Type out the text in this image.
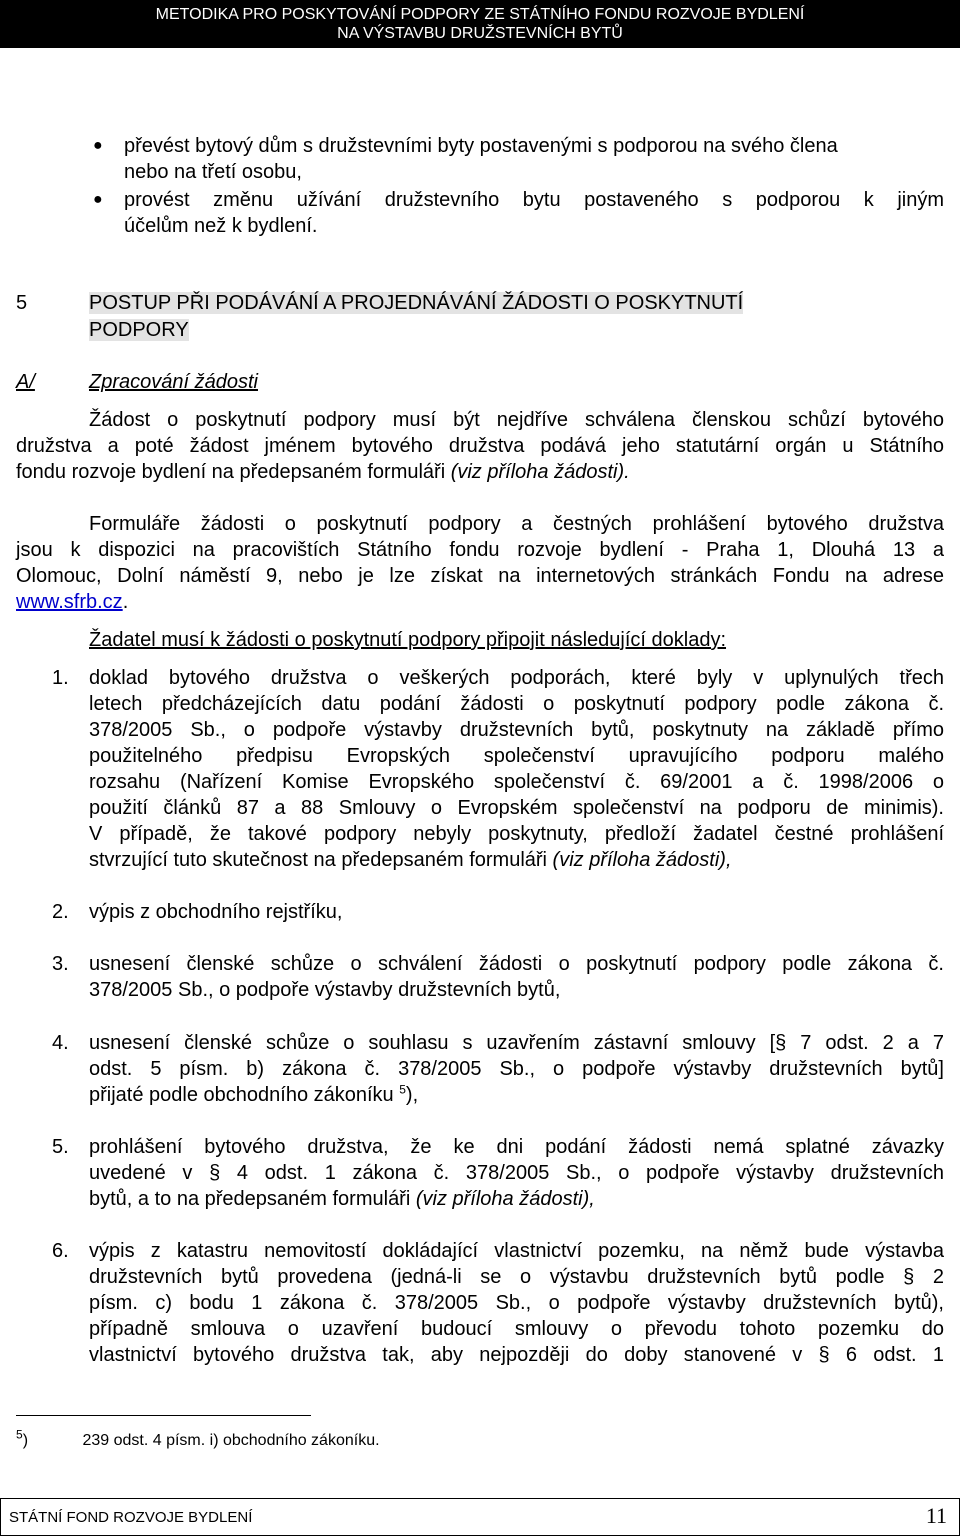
METODIKA PRO POSKYTOVÁNÍ PODPORY ZE STÁTNÍHO FONDU ROZVOJE BYDLENÍ
NA VÝSTAVBU DRUŽSTEVNÍCH BYTŮ
● převést bytový dům s družstevními byty postavenými s podporou na svého člena
nebo na třetí osobu,
● provést změnu užívání družstevního bytu postaveného s podporou k jiným
účelům než k bydlení.
5	POSTUP PŘI PODÁVÁNÍ A PROJEDNÁVÁNÍ ŽÁDOSTI O POSKYTNUTÍ
PODPORY
A/	Zpracování žádosti
Žádost o poskytnutí podpory musí být nejdříve schválena členskou schůzí bytového
družstva a poté žádost jménem bytového družstva podává jeho statutární orgán u Státního
fondu rozvoje bydlení na předepsaném formuláři (viz příloha žádosti).
Formuláře žádosti o poskytnutí podpory a čestných prohlášení bytového družstva
jsou k dispozici na pracovištích Státního fondu rozvoje bydlení - Praha 1, Dlouhá 13 a
Olomouc, Dolní náměstí 9, nebo je lze získat na internetových stránkách Fondu na adrese
www.sfrb.cz.
Žadatel musí k žádosti o poskytnutí podpory připojit následující doklady:
1.	doklad bytového družstva o veškerých podporách, které byly v uplynulých třech
letech předcházejících datu podání žádosti o poskytnutí podpory podle zákona č.
378/2005 Sb., o podpoře výstavby družstevních bytů, poskytnuty na základě přímo
použitelného předpisu Evropských společenství upravujícího podporu malého
rozsahu (Nařízení Komise Evropského společenství č. 69/2001 a č. 1998/2006 o
použití článků 87 a 88 Smlouvy o Evropském společenství na podporu de minimis).
V případě, že takové podpory nebyly poskytnuty, předloží žadatel čestné prohlášení
stvrzující tuto skutečnost na předepsaném formuláři (viz příloha žádosti),
2.	výpis z obchodního rejstříku,
3.	usnesení členské schůze o schválení žádosti o poskytnutí podpory podle zákona č.
378/2005 Sb., o podpoře výstavby družstevních bytů,
4.	usnesení členské schůze o souhlasu s uzavřením zástavní smlouvy [§ 7 odst. 2 a 7
odst. 5 písm. b) zákona č. 378/2005 Sb., o podpoře výstavby družstevních bytů]
přijaté podle obchodního zákoníku $^5$),
5.	prohlášení bytového družstva, že ke dni podání žádosti nemá splatné závazky
uvedené v § 4 odst. 1 zákona č. 378/2005 Sb., o podpoře výstavby družstevních
bytů, a to na předepsaném formuláři (viz příloha žádosti),
6.	výpis z katastru nemovitostí dokládající vlastnictví pozemku, na němž bude výstavba
družstevních bytů provedena (jedná-li se o výstavbu družstevních bytů podle § 2
písm. c) bodu 1 zákona č. 378/2005 Sb., o podpoře výstavby družstevních bytů),
případně smlouva o uzavření budoucí smlouvy o převodu tohoto pozemku do
vlastnictví bytového družstva tak, aby nejpozději do doby stanovené v § 6 odst. 1
$^5$)	239 odst. 4 písm. i) obchodního zákoníku.
STÁTNÍ FOND ROZVOJE BYDLENÍ	11
